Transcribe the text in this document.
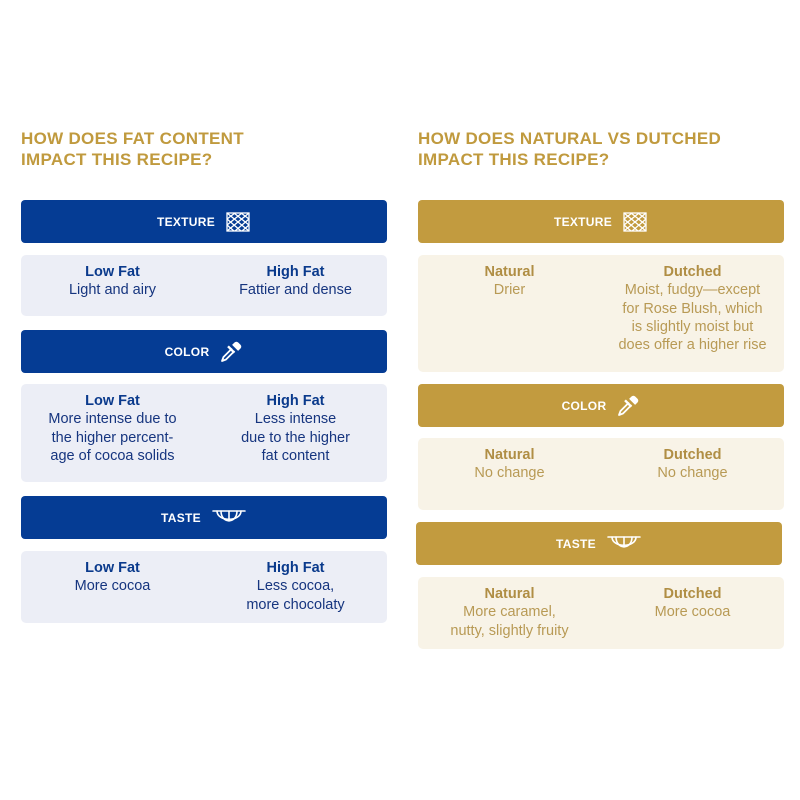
HOW DOES FAT CONTENT
IMPACT THIS RECIPE?
TEXTURE
Low Fat
Light and airy
High Fat
Fattier and dense
COLOR
Low Fat
More intense due to
the higher percent-
age of cocoa solids
High Fat
Less intense
due to the higher
fat content
TASTE
Low Fat
More cocoa
High Fat
Less cocoa,
more chocolaty
HOW DOES NATURAL VS DUTCHED
IMPACT THIS RECIPE?
TEXTURE
Natural
Drier
Dutched
Moist, fudgy—except
for Rose Blush, which
is slightly moist but
does offer a higher rise
COLOR
Natural
No change
Dutched
No change
TASTE
Natural
More caramel,
nutty, slightly fruity
Dutched
More cocoa
